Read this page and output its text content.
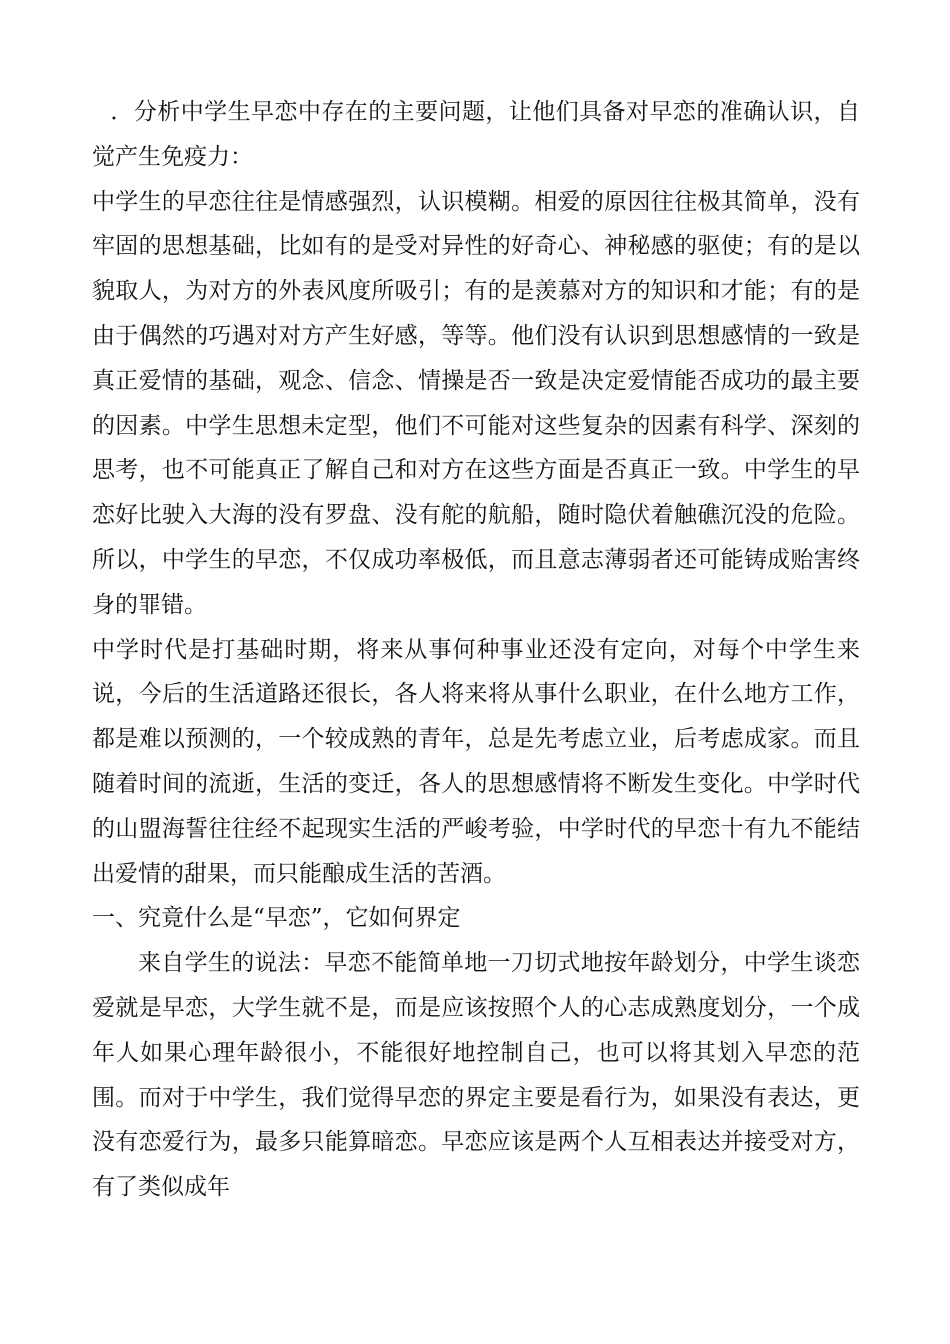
．分析中学生早恋中存在的主要问题，让他们具备对早恋的准确认识，自觉产生免疫力：

中学生的早恋往往是情感强烈，认识模糊。相爱的原因往往极其简单，没有牢固的思想基础，比如有的是受对异性的好奇心、神秘感的驱使；有的是以貌取人，为对方的外表风度所吸引；有的是羡慕对方的知识和才能；有的是由于偶然的巧遇对对方产生好感，等等。他们没有认识到思想感情的一致是真正爱情的基础，观念、信念、情操是否一致是决定爱情能否成功的最主要的因素。中学生思想未定型，他们不可能对这些复杂的因素有科学、深刻的思考，也不可能真正了解自己和对方在这些方面是否真正一致。中学生的早恋好比驶入大海的没有罗盘、没有舵的航船，随时隐伏着触礁沉没的危险。所以，中学生的早恋，不仅成功率极低，而且意志薄弱者还可能铸成贻害终身的罪错。

中学时代是打基础时期，将来从事何种事业还没有定向，对每个中学生来说，今后的生活道路还很长，各人将来将从事什么职业，在什么地方工作，都是难以预测的，一个较成熟的青年，总是先考虑立业，后考虑成家。而且随着时间的流逝，生活的变迁，各人的思想感情将不断发生变化。中学时代的山盟海誓往往经不起现实生活的严峻考验，中学时代的早恋十有九不能结出爱情的甜果，而只能酿成生活的苦酒。

一、究竟什么是“早恋”，它如何界定

来自学生的说法：早恋不能简单地一刀切式地按年龄划分，中学生谈恋爱就是早恋，大学生就不是，而是应该按照个人的心志成熟度划分，一个成年人如果心理年龄很小，不能很好地控制自己，也可以将其划入早恋的范围。而对于中学生，我们觉得早恋的界定主要是看行为，如果没有表达，更没有恋爱行为，最多只能算暗恋。早恋应该是两个人互相表达并接受对方，有了类似成年
